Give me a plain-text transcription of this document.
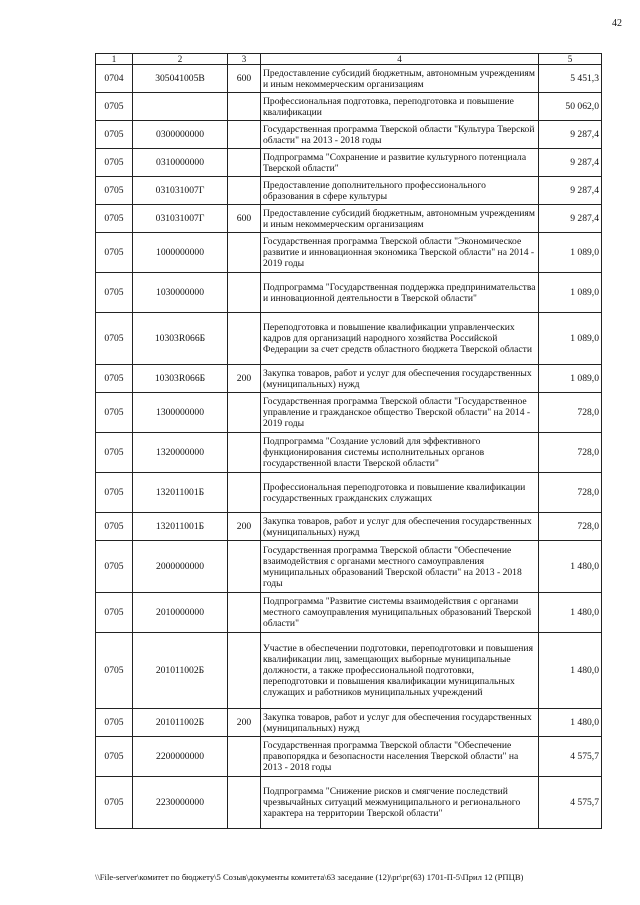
42
1	2	3	4	5
0704	305041005В	600	Предоставление субсидий бюджетным, автономным учреждениям и иным некоммерческим организациям	5 451,3
0705			Профессиональная подготовка, переподготовка и повышение квалификации	50 062,0
0705	0300000000		Государственная программа Тверской области "Культура Тверской области" на 2013 - 2018 годы	9 287,4
0705	0310000000		Подпрограмма "Сохранение и развитие культурного потенциала Тверской области"	9 287,4
0705	031031007Г		Предоставление дополнительного профессионального образования в сфере культуры	9 287,4
0705	031031007Г	600	Предоставление субсидий бюджетным, автономным учреждениям и иным некоммерческим организациям	9 287,4
0705	1000000000		Государственная программа Тверской области "Экономическое развитие и инновационная экономика Тверской области" на 2014 - 2019 годы	1 089,0
0705	1030000000		Подпрограмма "Государственная поддержка предпринимательства и инновационной деятельности в Тверской области"	1 089,0
0705	10303R066Б		Переподготовка и повышение квалификации управленческих кадров для организаций народного хозяйства Российской Федерации за счет средств областного бюджета Тверской области	1 089,0
0705	10303R066Б	200	Закупка товаров, работ и услуг для обеспечения государственных (муниципальных) нужд	1 089,0
0705	1300000000		Государственная программа Тверской области "Государственное управление и гражданское общество Тверской области" на 2014 - 2019 годы	728,0
0705	1320000000		Подпрограмма "Создание условий для эффективного функционирования системы исполнительных органов государственной власти Тверской области"	728,0
0705	132011001Б		Профессиональная переподготовка и повышение квалификации государственных гражданских служащих	728,0
0705	132011001Б	200	Закупка товаров, работ и услуг для обеспечения государственных (муниципальных) нужд	728,0
0705	2000000000		Государственная программа Тверской области "Обеспечение взаимодействия с органами местного самоуправления муниципальных образований Тверской области" на 2013 - 2018 годы	1 480,0
0705	2010000000		Подпрограмма "Развитие системы взаимодействия с органами местного самоуправления муниципальных образований Тверской области"	1 480,0
0705	201011002Б		Участие в обеспечении подготовки, переподготовки и повышения квалификации лиц, замещающих выборные муниципальные должности, а также профессиональной подготовки, переподготовки и повышения квалификации муниципальных служащих и работников муниципальных учреждений	1 480,0
0705	201011002Б	200	Закупка товаров, работ и услуг для обеспечения государственных (муниципальных) нужд	1 480,0
0705	2200000000		Государственная программа Тверской области "Обеспечение правопорядка и безопасности населения Тверской области" на 2013 - 2018 годы	4 575,7
0705	2230000000		Подпрограмма "Снижение рисков и смягчение последствий чрезвычайных ситуаций межмуниципального и регионального характера на территории Тверской области"	4 575,7
\\File-server\комитет по бюджету\5 Созыв\документы комитета\63 заседание (12)\рг\рг(63) 1701-П-5\Прил 12 (РПЦВ)
